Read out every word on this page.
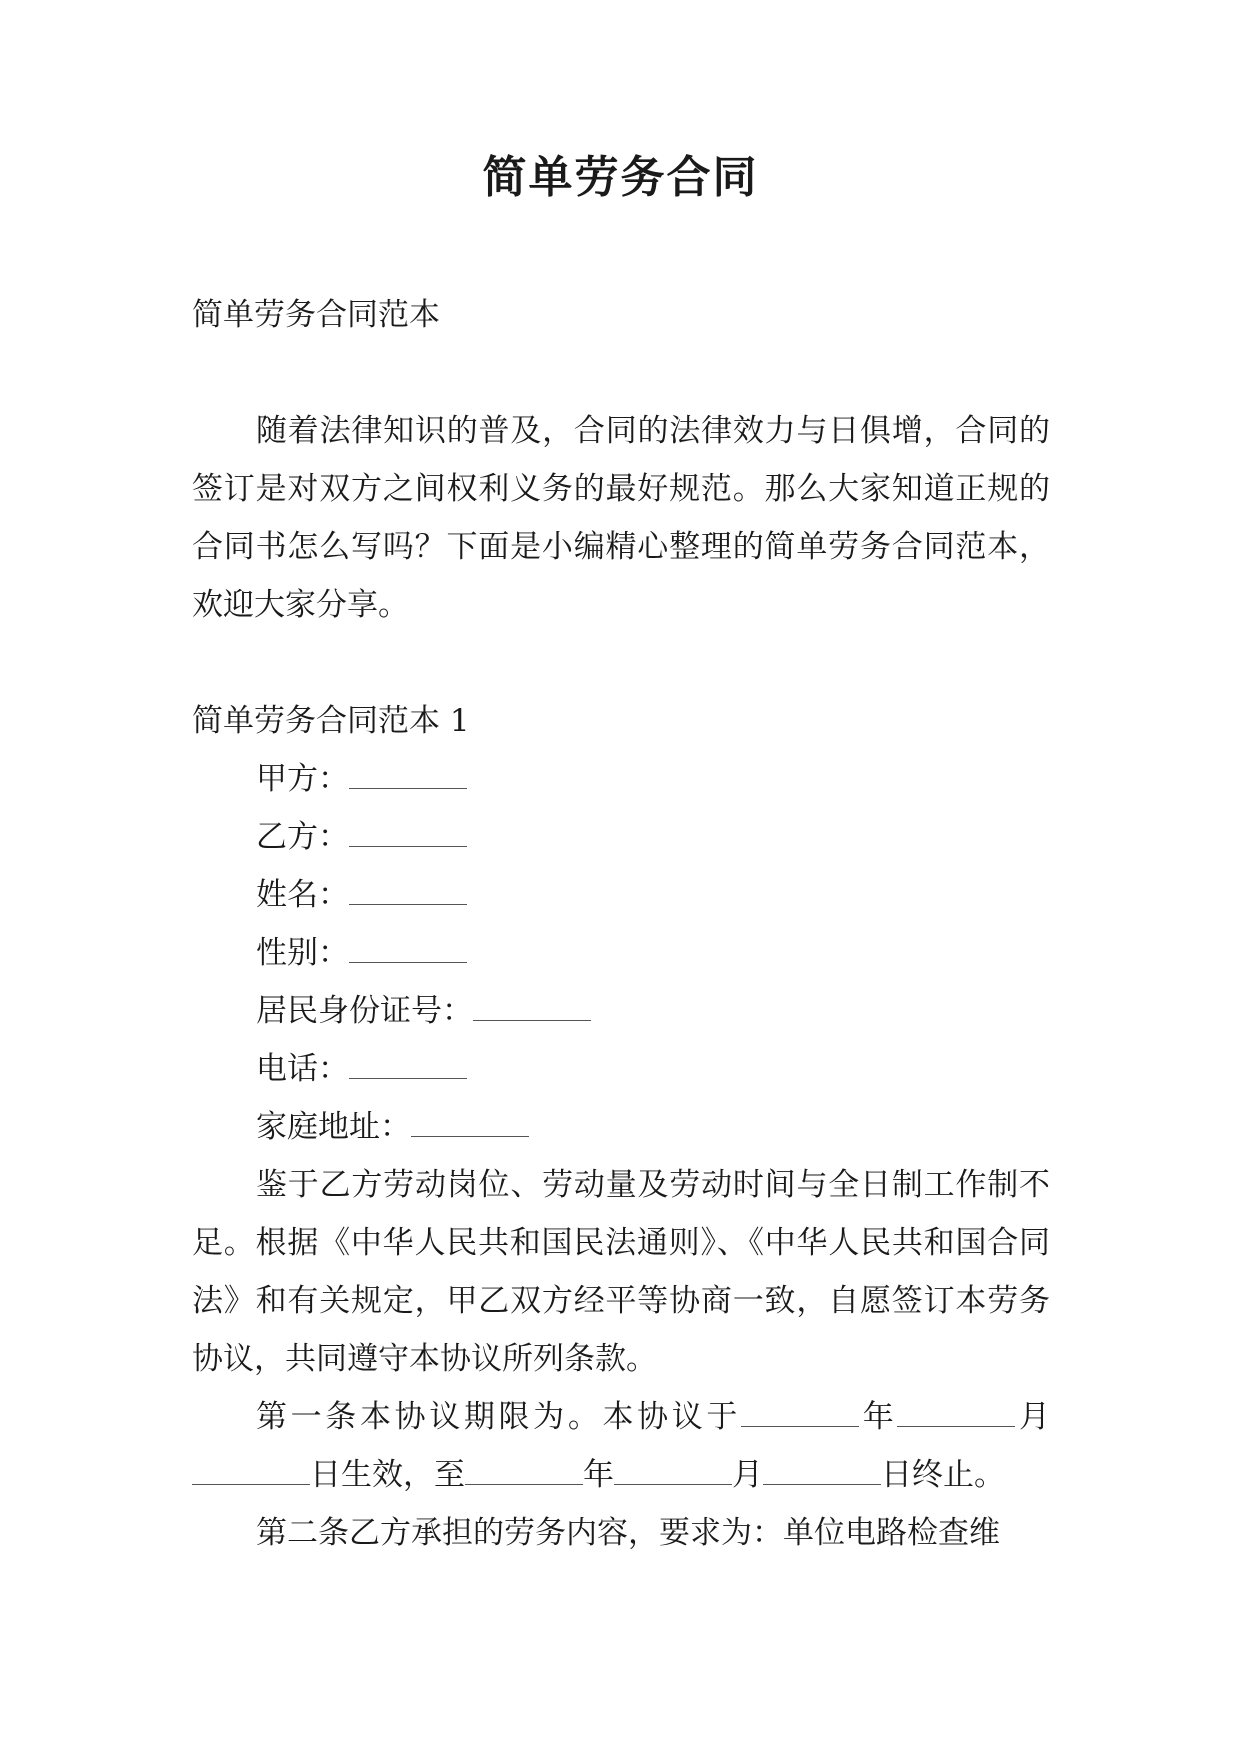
简单劳务合同

简单劳务合同范本

随着法律知识的普及，合同的法律效力与日俱增，合同的签订是对双方之间权利义务的最好规范。那么大家知道正规的合同书怎么写吗？下面是小编精心整理的简单劳务合同范本，欢迎大家分享。

简单劳务合同范本 1

甲方：

乙方：

姓名：

性别：

居民身份证号：

电话：

家庭地址：

鉴于乙方劳动岗位、劳动量及劳动时间与全日制工作制不足。根据《中华人民共和国民法通则》、《中华人民共和国合同法》和有关规定，甲乙双方经平等协商一致，自愿签订本劳务协议，共同遵守本协议所列条款。

第一条本协议期限为。本协议于	年	月日生效，至	年	月	日终止。

第二条乙方承担的劳务内容，要求为：单位电路检查维
